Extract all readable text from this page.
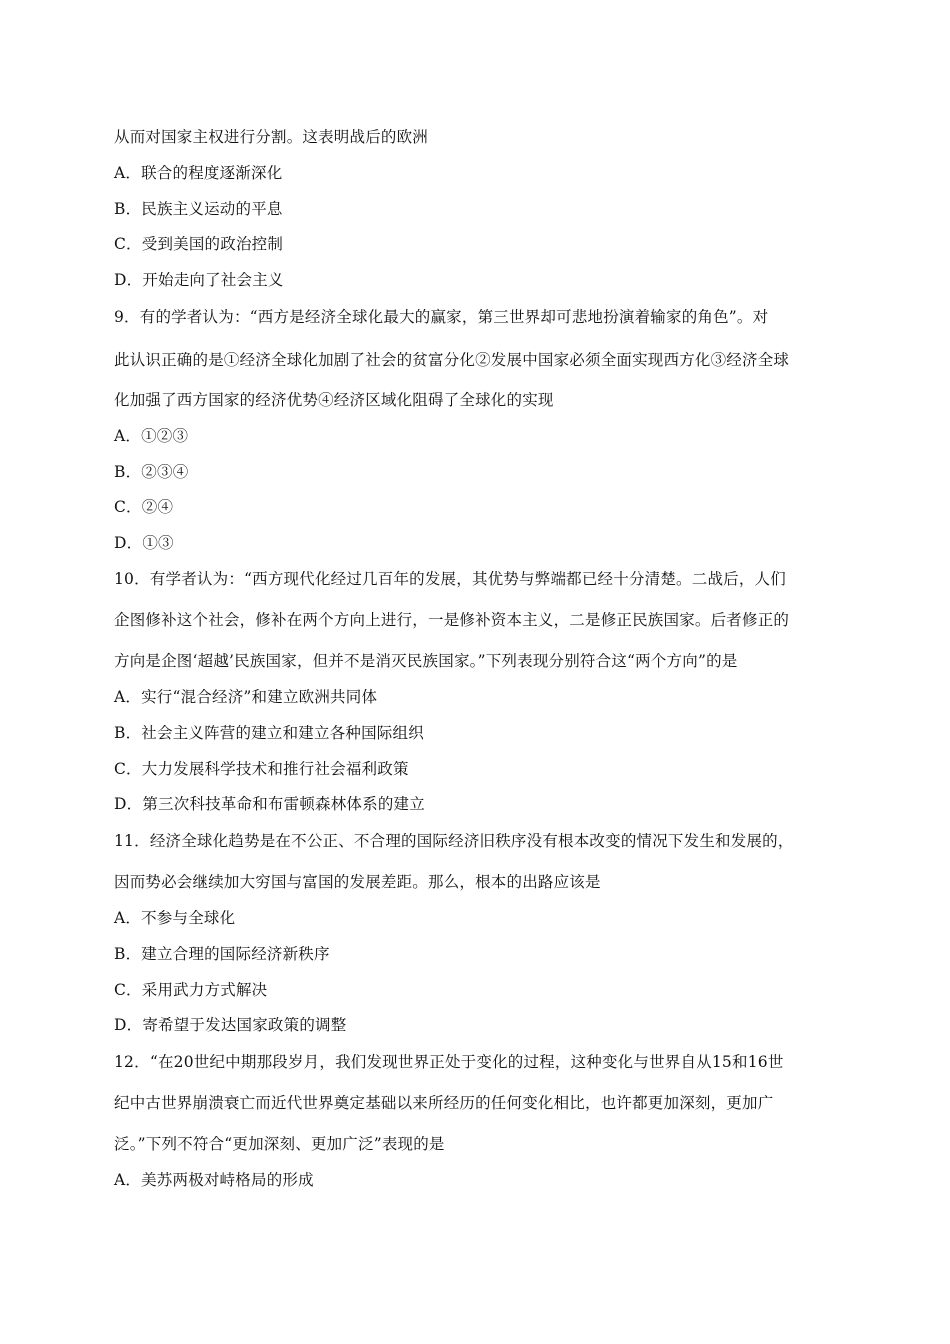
从而对国家主权进行分割。这表明战后的欧洲
A．联合的程度逐渐深化
B．民族主义运动的平息
C．受到美国的政治控制
D．开始走向了社会主义
9．有的学者认为：“西方是经济全球化最大的赢家，第三世界却可悲地扮演着输家的角色”。对
此认识正确的是①经济全球化加剧了社会的贫富分化②发展中国家必须全面实现西方化③经济全球
化加强了西方国家的经济优势④经济区域化阻碍了全球化的实现
A．①②③
B．②③④
C．②④
D．①③
10．有学者认为：“西方现代化经过几百年的发展，其优势与弊端都已经十分清楚。二战后，人们
企图修补这个社会，修补在两个方向上进行，一是修补资本主义，二是修正民族国家。后者修正的
方向是企图‘超越’民族国家，但并不是消灭民族国家。”下列表现分别符合这“两个方向”的是
A．实行“混合经济”和建立欧洲共同体
B．社会主义阵营的建立和建立各种国际组织
C．大力发展科学技术和推行社会福利政策
D．第三次科技革命和布雷顿森林体系的建立
11．经济全球化趋势是在不公正、不合理的国际经济旧秩序没有根本改变的情况下发生和发展的，
因而势必会继续加大穷国与富国的发展差距。那么，根本的出路应该是
A．不参与全球化
B．建立合理的国际经济新秩序
C．采用武力方式解决
D．寄希望于发达国家政策的调整
12．“在20世纪中期那段岁月，我们发现世界正处于变化的过程，这种变化与世界自从15和16世
纪中古世界崩溃衰亡而近代世界奠定基础以来所经历的任何变化相比，也许都更加深刻，更加广
泛。”下列不符合“更加深刻、更加广泛”表现的是
A．美苏两极对峙格局的形成
